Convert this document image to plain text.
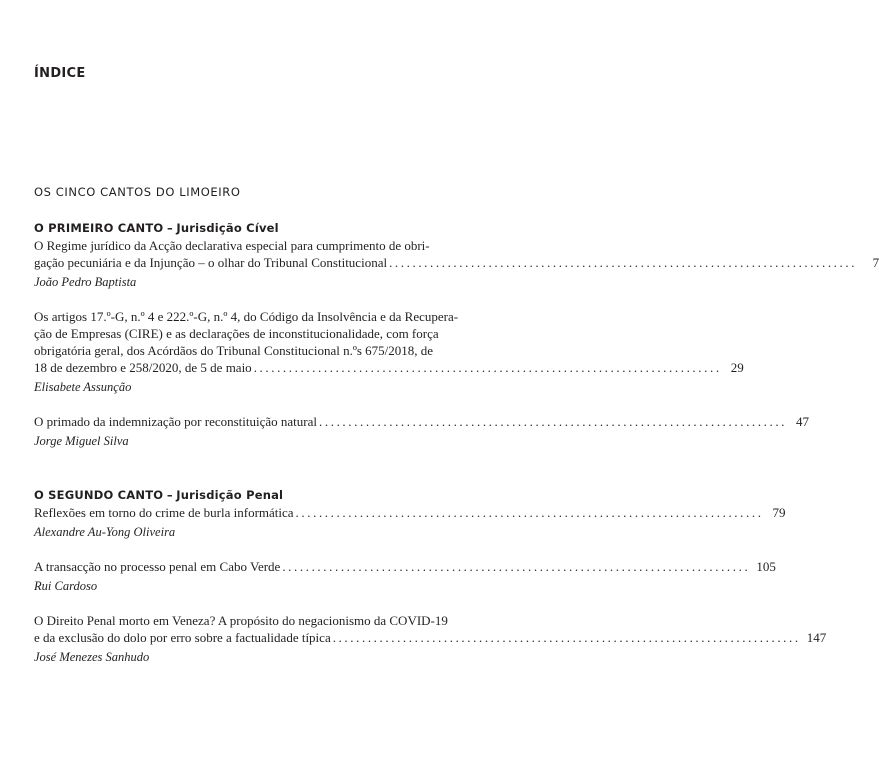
ÍNDICE
OS CINCO CANTOS DO LIMOEIRO
O PRIMEIRO CANTO – Jurisdição Cível
O Regime jurídico da Acção declarativa especial para cumprimento de obri-
gação pecuniária e da Injunção – o olhar do Tribunal Constitucional ................................................................................	7
João Pedro Baptista
Os artigos 17.º-G, n.º 4 e 222.º-G, n.º 4, do Código da Insolvência e da Recupera-
ção de Empresas (CIRE) e as declarações de inconstitucionalidade, com força
obrigatória geral, dos Acórdãos do Tribunal Constitucional n.ºs 675/2018, de
18 de dezembro e 258/2020, de 5 de maio ................................................................................ 29
Elisabete Assunção
O primado da indemnização por reconstituição natural ................................................................................ 47
Jorge Miguel Silva
O SEGUNDO CANTO – Jurisdição Penal
Reflexões em torno do crime de burla informática ................................................................................ 79
Alexandre Au-Yong Oliveira
A transacção no processo penal em Cabo Verde ................................................................................ 105
Rui Cardoso
O Direito Penal morto em Veneza? A propósito do negacionismo da COVID-19
e da exclusão do dolo por erro sobre a factualidade típica ................................................................................ 147
José Menezes Sanhudo
